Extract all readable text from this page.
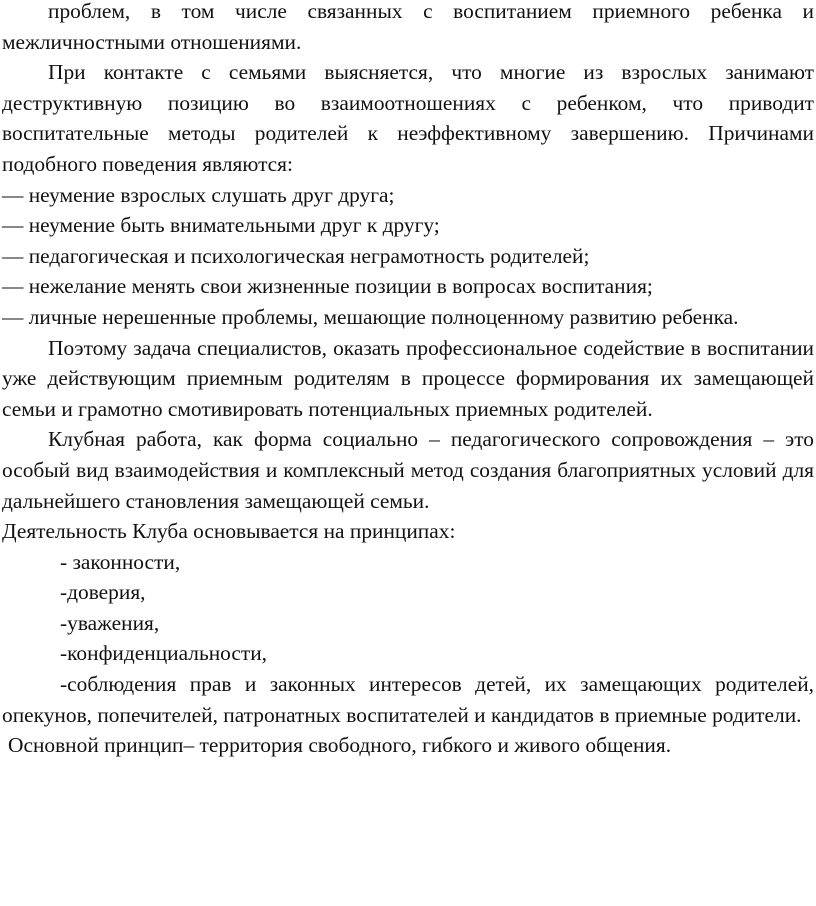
проблем, в том числе связанных с воспитанием приемного ребенка и межличностными отношениями.

При контакте с семьями выясняется, что многие из взрослых занимают деструктивную позицию во взаимоотношениях с ребенком, что приводит воспитательные методы родителей к неэффективному завершению. Причинами подобного поведения являются:

— неумение взрослых слушать друг друга;

— неумение быть внимательными друг к другу;

— педагогическая и психологическая неграмотность родителей;

— нежелание менять свои жизненные позиции в вопросах воспитания;

— личные нерешенные проблемы, мешающие полноценному развитию ребенка.

Поэтому задача специалистов, оказать профессиональное содействие в воспитании уже действующим приемным родителям в процессе формирования их замещающей семьи и грамотно смотивировать потенциальных приемных родителей.

Клубная работа, как форма социально – педагогического сопровождения – это особый вид взаимодействия и комплексный метод создания благоприятных условий для дальнейшего становления замещающей семьи.

Деятельность Клуба основывается на принципах:

- законности,

-доверия,

-уважения,

-конфиденциальности,

-соблюдения прав и законных интересов детей, их замещающих родителей, опекунов, попечителей, патронатных воспитателей и кандидатов в приемные родители.

Основной принцип– территория свободного, гибкого и живого общения.
